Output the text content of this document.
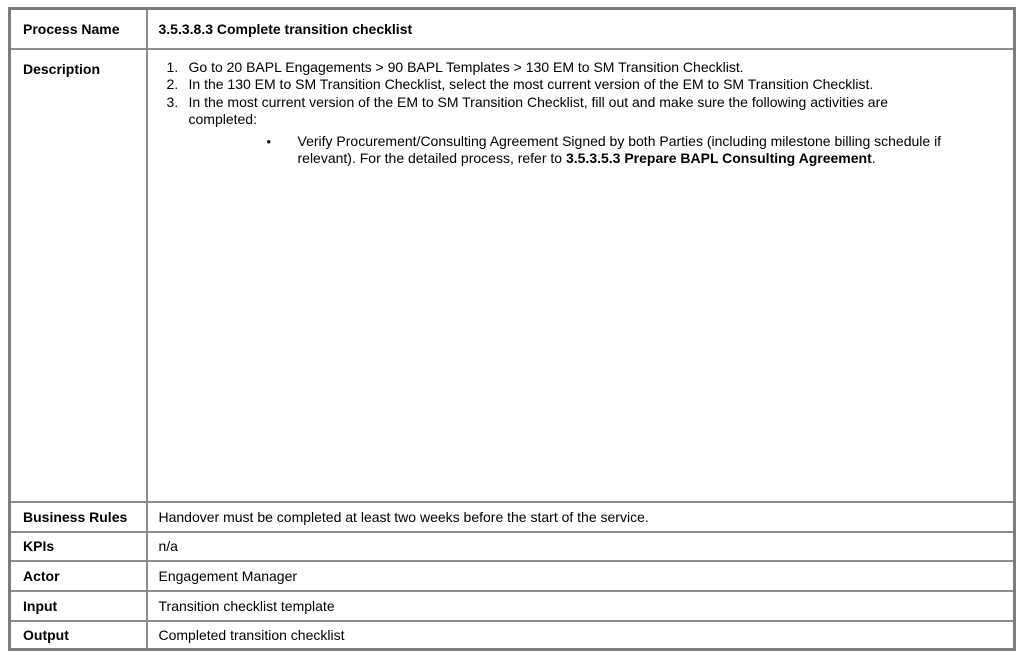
Process Name	3.5.3.8.3 Complete transition checklist
Description	1. Go to 20 BAPL Engagements > 90 BAPL Templates > 130 EM to SM Transition Checklist.
2. In the 130 EM to SM Transition Checklist, select the most current version of the EM to SM Transition Checklist.
3. In the most current version of the EM to SM Transition Checklist, fill out and make sure the following activities are completed:
•	Verify Procurement/Consulting Agreement Signed by both Parties (including milestone billing schedule if relevant). For the detailed process, refer to 3.5.3.5.3 Prepare BAPL Consulting Agreement.

Business Rules	Handover must be completed at least two weeks before the start of the service.
KPIs	n/a
Actor	Engagement Manager
Input	Transition checklist template
Output	Completed transition checklist
